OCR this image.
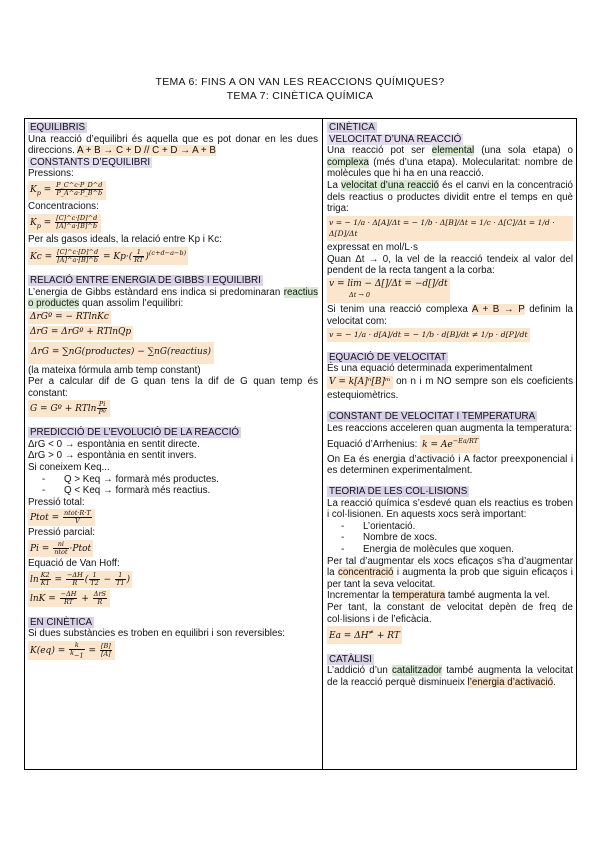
TEMA 6: FINS A ON VAN LES REACCIONS QUÍMIQUES?
TEMA 7: CINÈTICA QUÍMICA
EQUILIBRIS

Una reacció d’equilibri és aquella que es pot donar en les dues direccions. A + B → C + D // C + D → A + B

CONSTANTS D’EQUILIBRI

Pressions:

$K_p = \frac{P\_C\^{}c\cdot P\_D\^{}d}{P\_A\^{}a\cdot P\_B\^{}b}$

Concentracions:

$K_p = \frac{[C]\^{}c\cdot[D]\^{}d}{[A]\^{}a\cdot[B]\^{}b}$

Per als gasos ideals, la relació entre Kp i Kc:

$Kc = \frac{[C]\^{}c\cdot[D]\^{}d}{[A]\^{}a\cdot[B]\^{}b} = Kp\cdot( \frac{1}{RT} )^{(c+d-a-b)}$
RELACIÓ ENTRE ENERGIA DE GIBBS I EQUILIBRI

L’energia de Gibbs estàndard ens indica si predominaran reactius o productes quan assolim l’equilibri:

ΔrGº = − RTlnKc
ΔrG = ΔrGº + RTlnQp
ΔrG = ∑nG(productes) − ∑nG(reactius)

(la mateixa fórmula amb temp constant)

Per a calcular dif de G quan tens la dif de G quan temp és constant:

G = Gº + RTln $\frac{Pi}{\text{Pº}}$
PREDICCIÓ DE L’EVOLUCIÓ DE LA REACCIÓ

ΔrG < 0 → espontània en sentit directe.

ΔrG > 0 → espontània en sentit invers.

Si coneixem Keq...

- Q > Keq → formarà més productes.
- Q < Keq → formarà més reactius.

Pressió total:

Ptot = $\frac{\text{ntot·R·T}}{V}$

Pressió parcial:

$Pi = \frac{ni}{\text{ntot}}$ ·Ptot

Equació de Van Hoff:

$\ln \frac{K2}{K1} = \frac{-\Delta H}{R}$ ( $\frac{1}{T2} - \frac{1}{T1}$ )
$\ln K = \frac{-\Delta H}{RT} + \frac{\text{ΔrS}}{R}$
EN CINÈTICA

Si dues substàncies es troben en equilibri i son reversibles:

$K(eq) = \frac{k}{k_{-1}} = \frac{[B]}{[A]}$
CINÈTICA
VELOCITAT D’UNA REACCIÓ

Una reacció pot ser elemental (una sola etapa) o complexa (més d’una etapa). Molecularitat: nombre de molècules que hi ha en una reacció.

La velocitat d’una reacció és el canvi en la concentració dels reactius o productes dividit entre el temps en què triga:

v = − 1/a · Δ[A]/Δt = − 1/b · Δ[B]/Δt = 1/c · Δ[C]/Δt = 1/d · Δ[D]/Δt

expressat en mol/L·s

Quan Δt → 0, la vel de la reacció tendeix al valor del pendent de la recta tangent a la corba:

v = lim − Δ[]/Δt = −d[]/dt
Δt → 0

Si tenim una reacció complexa A + B → P definim la velocitat com:

v = − 1/a · d[A]/dt = − 1/b · d[B]/dt ≠ 1/p · d[P]/dt
EQUACIÓ DE VELOCITAT

És una equació determinada experimentalment

V = k[A]ⁿ[B]ᵐ on n i m NO sempre son els coeficients estequiomètrics.

CONSTANT DE VELOCITAT I TEMPERATURA

Les reaccions acceleren quan augmenta la temperatura:

Equació d’Arrhenius: $k = Ae^{-Ea/RT}$

On Ea és energia d’activació i A factor preexponencial i es determinen experimentalment.

TEORIA DE LES COL·LISIONS

La reacció química s’esdevé quan els reactius es troben i col·lisionen. En aquests xocs serà important:

- L’orientació.
- Nombre de xocs.
- Energia de molècules que xoquen.

Per tal d’augmentar els xocs eficaços s’ha d’augmentar la concentració i augmenta la prob que siguin eficaços i per tant la seva velocitat.

Incrementar la temperatura també augmenta la vel.

Per tant, la constant de velocitat depèn de freq de col·lisions i de l’eficàcia.

Ea = ΔH≠ + RT
CATÀLISI

L’addició d’un catalitzador també augmenta la velocitat de la reacció perquè disminueix l’energia d’activació.
